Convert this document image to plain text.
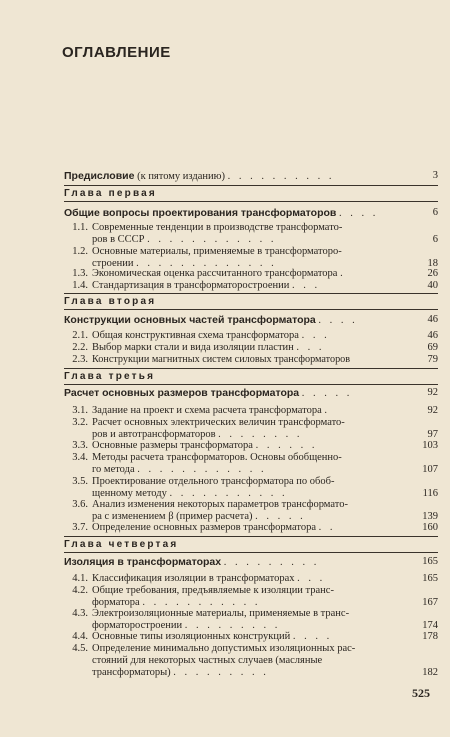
ОГЛАВЛЕНИЕ
Предисловие (к пятому изданию) . . . . . . . . . .	3
Глава первая
Общие вопросы проектирования трансформаторов . . . .	6
1.1. Современные тенденции в производстве трансформато-
ров в СССР . . . . . . . . . . . .	6
1.2. Основные материалы, применяемые в трансформаторо-
строении . . . . . . . . . . . . .	18
1.3. Экономическая оценка рассчитанного трансформатора .	26
1.4. Стандартизация в трансформаторостроении . . .	40
Глава вторая
Конструкции основных частей трансформатора . . . .	46
2.1. Общая конструктивная схема трансформатора . . .	46
2.2. Выбор марки стали и вида изоляции пластин . . .	69
2.3. Конструкции магнитных систем силовых трансформаторов	79
Глава третья
Расчет основных размеров трансформатора . . . . .	92
3.1. Задание на проект и схема расчета трансформатора .	92
3.2. Расчет основных электрических величин трансформато-
ров и автотрансформаторов . . . . . . . .	97
3.3. Основные размеры трансформатора . . . . . .	103
3.4. Методы расчета трансформаторов. Основы обобщенно-
го метода . . . . . . . . . . . .	107
3.5. Проектирование отдельного трансформатора по обоб-
щенному методу . . . . . . . . . . .	116
3.6. Анализ изменения некоторых параметров трансформато-
ра с изменением β (пример расчета) . . . . .	139
3.7. Определение основных размеров трансформатора . .	160
Глава четвертая
Изоляция в трансформаторах . . . . . . . . .	165
4.1. Классификация изоляции в трансформаторах . . .	165
4.2. Общие требования, предъявляемые к изоляции транс-
форматора . . . . . . . . . . .	167
4.3. Электроизоляционные материалы, применяемые в транс-
форматоростроении . . . . . . . . .	174
4.4. Основные типы изоляционных конструкций . . . .	178
4.5. Определение минимально допустимых изоляционных рас-
стояний для некоторых частных случаев (масляные
трансформаторы) . . . . . . . . .	182
525
